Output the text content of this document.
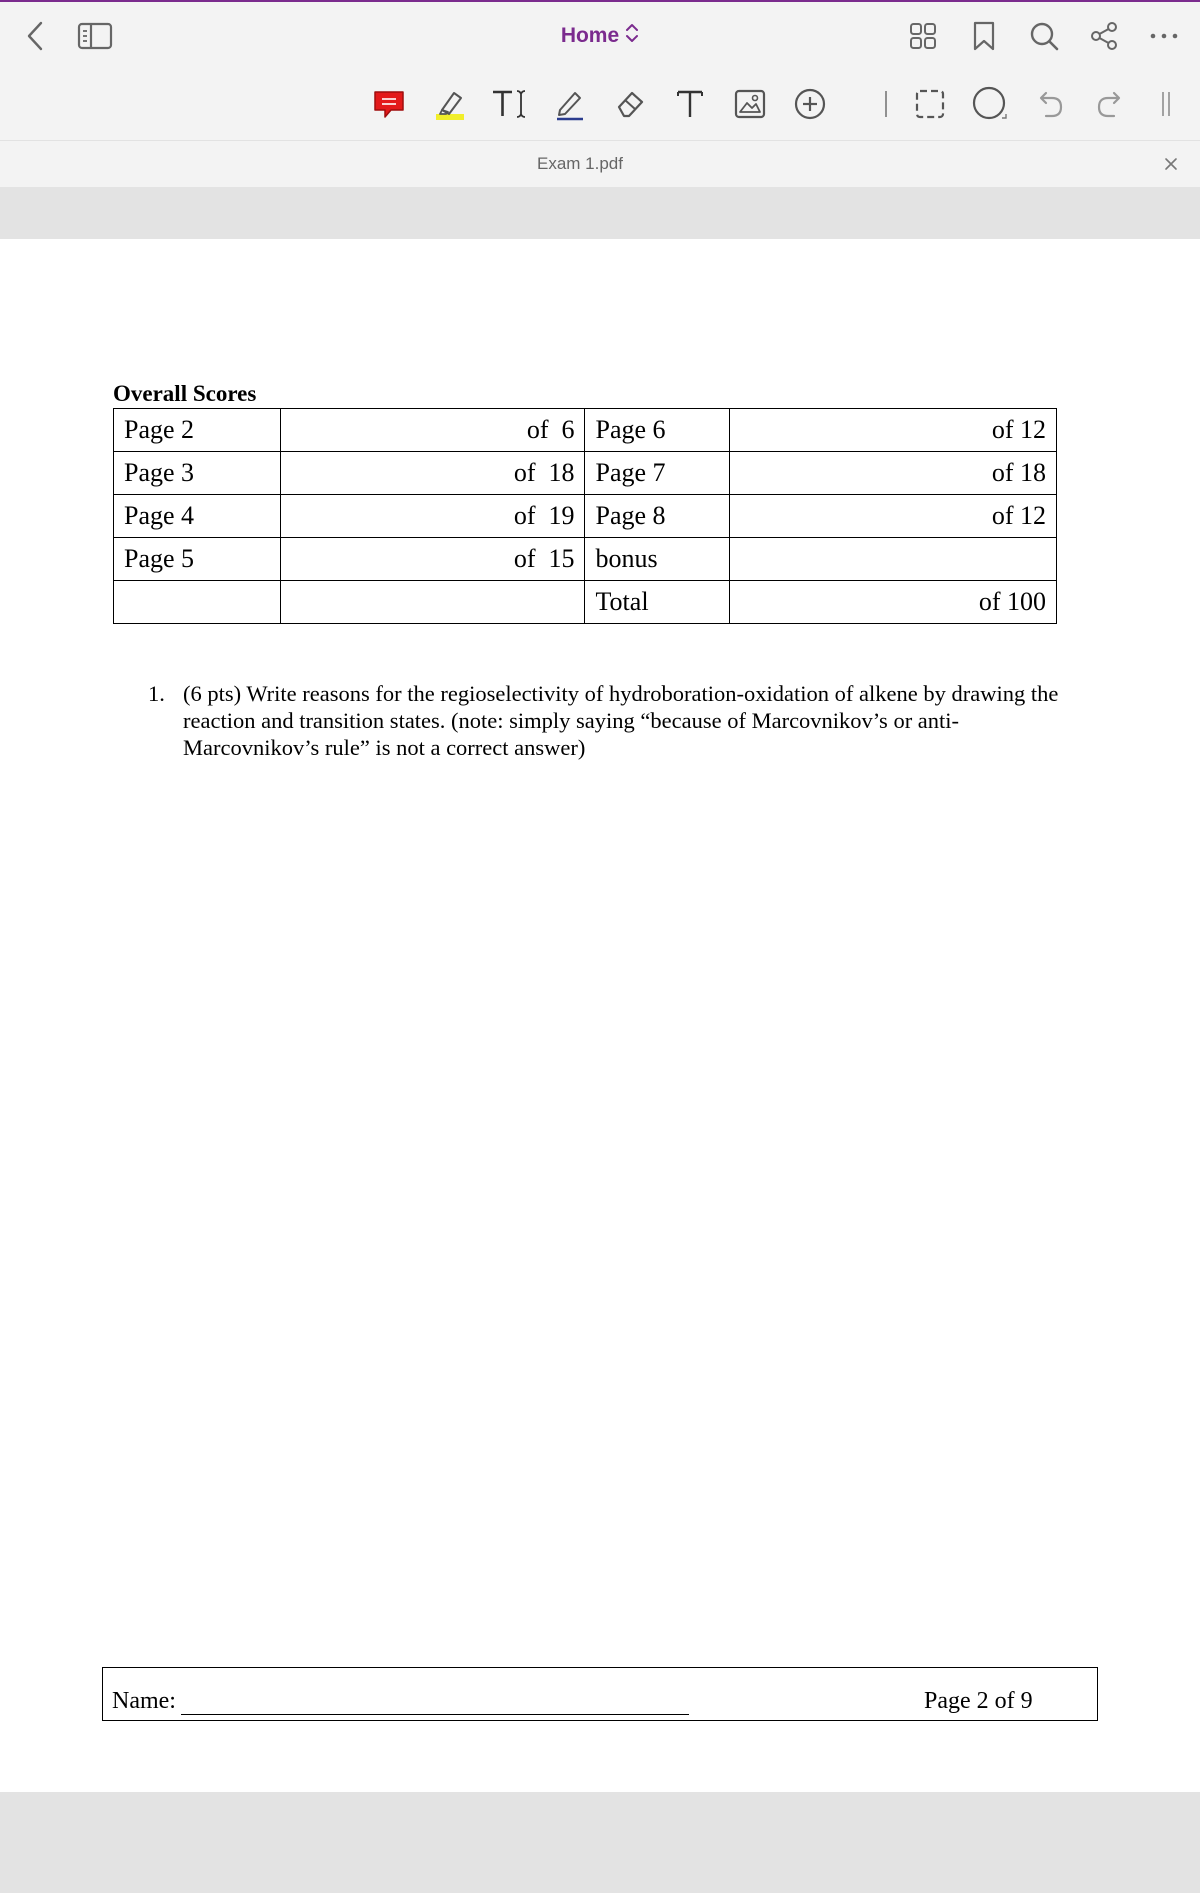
Home
Exam 1.pdf
Overall Scores
Page 2	of  6	Page 6	of 12
Page 3	of  18	Page 7	of 18
Page 4	of  19	Page 8	of 12
Page 5	of  15	bonus	
		Total	of 100
1. (6 pts) Write reasons for the regioselectivity of hydroboration-oxidation of alkene by drawing the reaction and transition states. (note: simply saying “because of Marcovnikov’s or anti-Marcovnikov’s rule” is not a correct answer)
Name:	Page 2 of 9
